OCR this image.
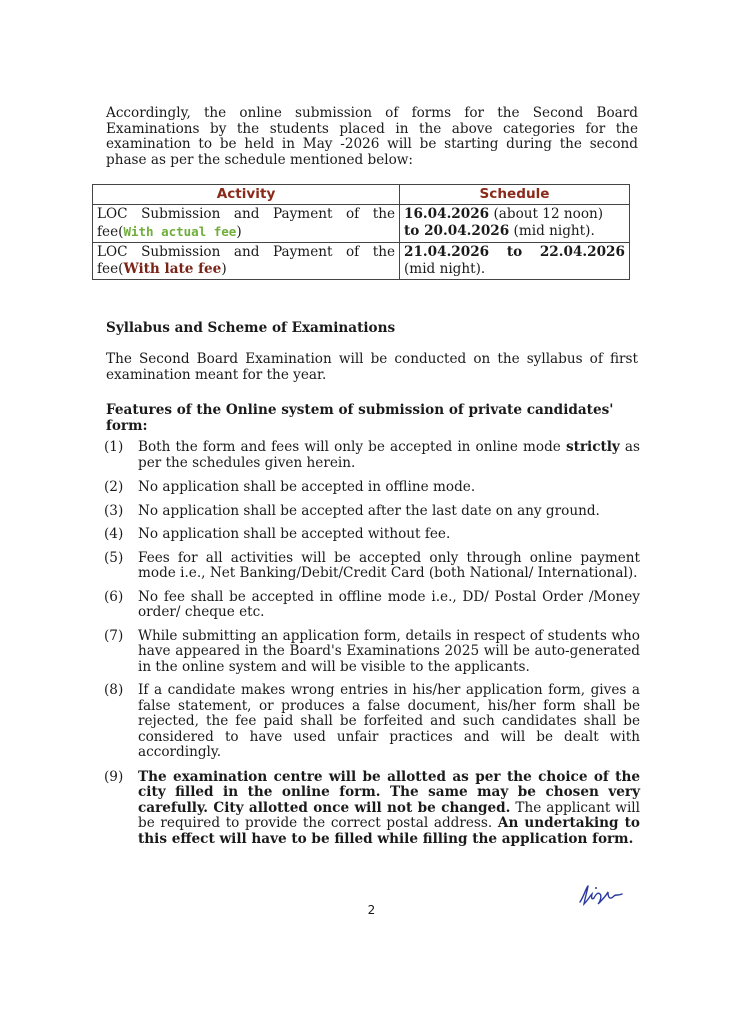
Accordingly, the online submission of forms for the Second Board Examinations by the students placed in the above categories for the examination to be held in May -2026 will be starting during the second phase as per the schedule mentioned below:

Activity	Schedule
LOC Submission and Payment of the fee(With actual fee)	16.04.2026 (about 12 noon)
to 20.04.2026 (mid night).
LOC Submission and Payment of the fee(With late fee)	21.04.2026 to 22.04.2026
(mid night).

Syllabus and Scheme of Examinations

The Second Board Examination will be conducted on the syllabus of first examination meant for the year.

Features of the Online system of submission of private candidates' form:

(1) Both the form and fees will only be accepted in online mode strictly as per the schedules given herein.
(2) No application shall be accepted in offline mode.
(3) No application shall be accepted after the last date on any ground.
(4) No application shall be accepted without fee.
(5) Fees for all activities will be accepted only through online payment mode i.e., Net Banking/Debit/Credit Card (both National/ International).
(6) No fee shall be accepted in offline mode i.e., DD/ Postal Order /Money order/ cheque etc.
(7) While submitting an application form, details in respect of students who have appeared in the Board's Examinations 2025 will be auto-generated in the online system and will be visible to the applicants.
(8) If a candidate makes wrong entries in his/her application form, gives a false statement, or produces a false document, his/her form shall be rejected, the fee paid shall be forfeited and such candidates shall be considered to have used unfair practices and will be dealt with accordingly.
(9) The examination centre will be allotted as per the choice of the city filled in the online form. The same may be chosen very carefully. City allotted once will not be changed. The applicant will be required to provide the correct postal address. An undertaking to this effect will have to be filled while filling the application form.
2
